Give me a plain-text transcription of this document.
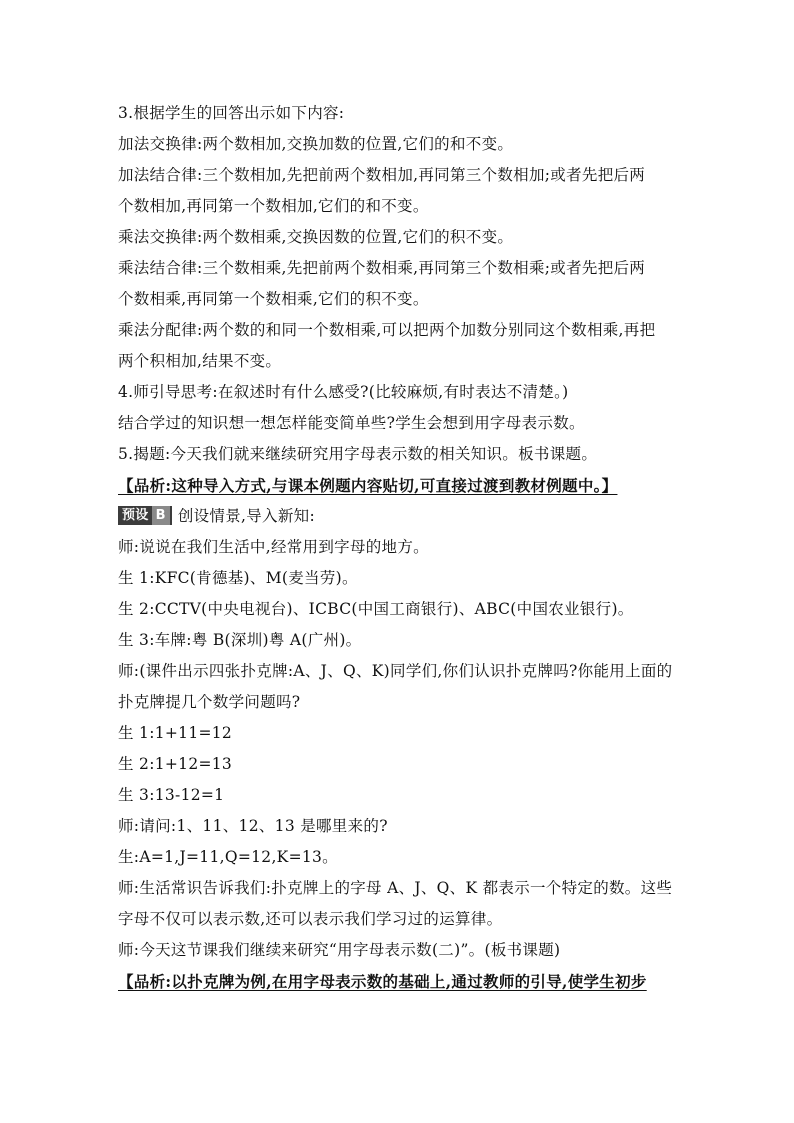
3.根据学生的回答出示如下内容:
加法交换律:两个数相加,交换加数的位置,它们的和不变。
加法结合律:三个数相加,先把前两个数相加,再同第三个数相加;或者先把后两
个数相加,再同第一个数相加,它们的和不变。
乘法交换律:两个数相乘,交换因数的位置,它们的积不变。
乘法结合律:三个数相乘,先把前两个数相乘,再同第三个数相乘;或者先把后两
个数相乘,再同第一个数相乘,它们的积不变。
乘法分配律:两个数的和同一个数相乘,可以把两个加数分别同这个数相乘,再把
两个积相加,结果不变。
4.师引导思考:在叙述时有什么感受?(比较麻烦,有时表达不清楚。)
结合学过的知识想一想怎样能变简单些?学生会想到用字母表示数。
5.揭题:今天我们就来继续研究用字母表示数的相关知识。板书课题。
【品析:这种导入方式,与课本例题内容贴切,可直接过渡到教材例题中。】
预设 B 创设情景,导入新知:
师:说说在我们生活中,经常用到字母的地方。
生 1:KFC(肯德基)、M(麦当劳)。
生 2:CCTV(中央电视台)、ICBC(中国工商银行)、ABC(中国农业银行)。
生 3:车牌:粤 B(深圳)粤 A(广州)。
师:(课件出示四张扑克牌:A、J、Q、K)同学们,你们认识扑克牌吗?你能用上面的
扑克牌提几个数学问题吗?
生 1:1+11=12
生 2:1+12=13
生 3:13-12=1
师:请问:1、11、12、13 是哪里来的?
生:A=1,J=11,Q=12,K=13。
师:生活常识告诉我们:扑克牌上的字母 A、J、Q、K 都表示一个特定的数。这些
字母不仅可以表示数,还可以表示我们学习过的运算律。
师:今天这节课我们继续来研究“用字母表示数(二)”。(板书课题)
【品析:以扑克牌为例,在用字母表示数的基础上,通过教师的引导,使学生初步
